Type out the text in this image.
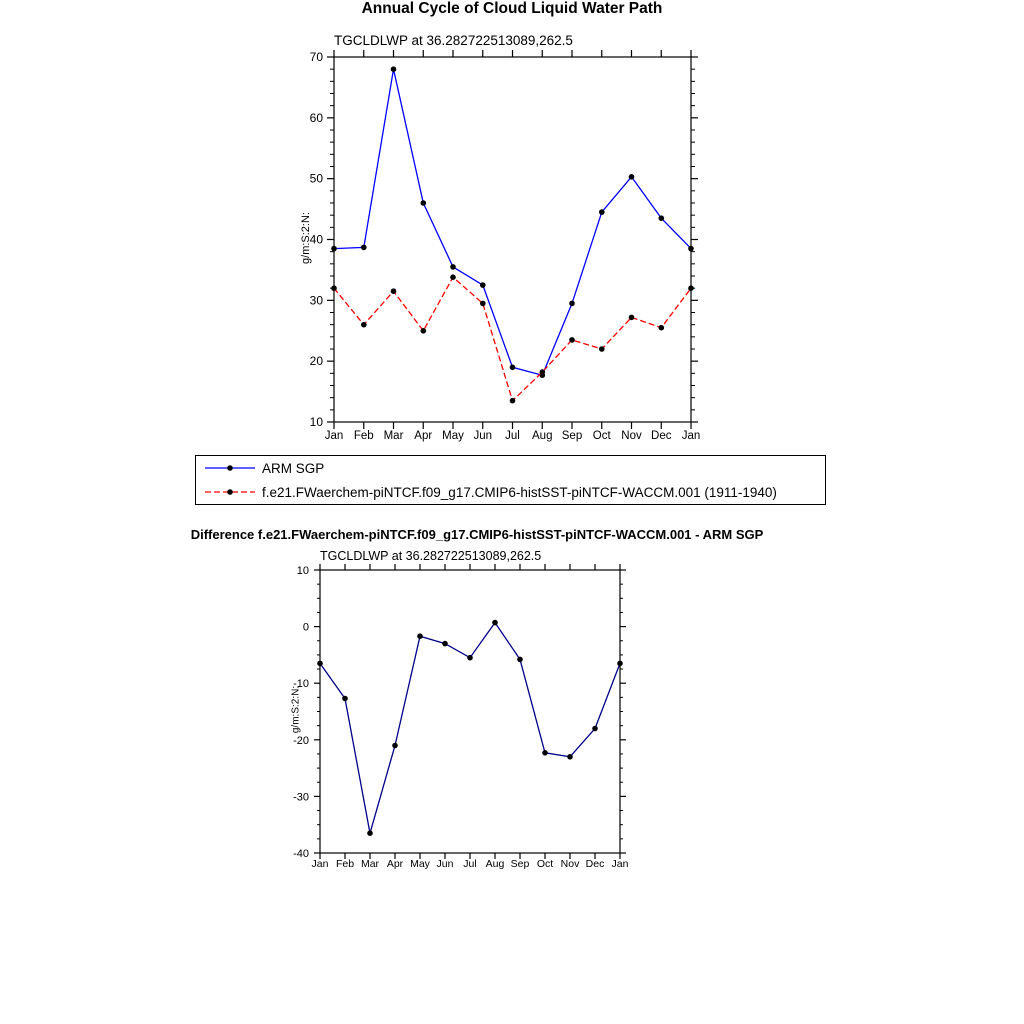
Annual Cycle of Cloud Liquid Water Path
TGCLDLWP at 36.282722513089,262.5
g/m:S:2:N:
Difference f.e21.FWaerchem-piNTCF.f09_g17.CMIP6-histSST-piNTCF-WACCM.001 - ARM SGP
TGCLDLWP at 36.282722513089,262.5
g/m:S:2:N:
10
20
30
40
50
60
70
Jan Feb Mar Apr May Jun Jul Aug Sep Oct Nov Dec Jan
-40
-30
-20
-10
0
10
Jan Feb Mar Apr May Jun Jul Aug Sep Oct Nov Dec Jan
ARM SGP
f.e21.FWaerchem-piNTCF.f09_g17.CMIP6-histSST-piNTCF-WACCM.001 (1911-1940)
